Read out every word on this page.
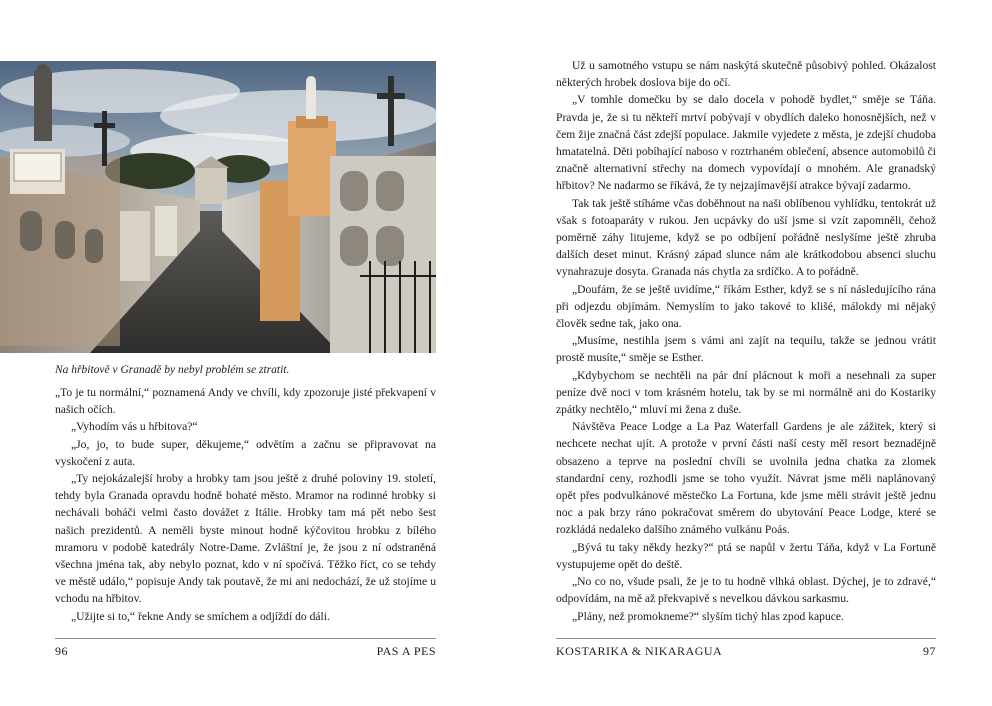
Na hřbitově v Granadě by nebyl problém se ztratit.

„To je tu normální,“ poznamená Andy ve chvíli, kdy zpozoruje jisté překvapení v našich očích.

„Vyhodím vás u hřbitova?“

„Jo, jo, to bude super, děkujeme,“ odvětím a začnu se připravovat na vyskočení z auta.

„Ty nejokázalejší hroby a hrobky tam jsou ještě z druhé poloviny 19. století, tehdy byla Granada opravdu hodně bohaté město. Mramor na rodinné hrobky si nechávali boháči velmi často dovážet z Itálie. Hrobky tam má pět nebo šest našich prezidentů. A neměli byste minout hodně kýčovitou hrobku z bílého mramoru v podobě katedrály Notre-Dame. Zvláštní je, že jsou z ní odstraněná všechna jména tak, aby nebylo poznat, kdo v ní spočívá. Těžko říct, co se tehdy ve městě událo,“ popisuje Andy tak poutavě, že mi ani nedochází, že už stojíme u vchodu na hřbitov.

„Užijte si to,“ řekne Andy se smíchem a odjíždí do dáli.

96	PAS A PES

Už u samotného vstupu se nám naskýtá skutečně působivý pohled. Okázalost některých hrobek doslova bije do očí.

„V tomhle domečku by se dalo docela v pohodě bydlet,“ směje se Táňa. Pravda je, že si tu někteří mrtví pobývají v obydlích daleko honosnějších, než v čem žije značná část zdejší populace. Jakmile vyjedete z města, je zdejší chudoba hmatatelná. Děti pobíhající naboso v roztrhaném oblečení, absence automobilů či značně alternativní střechy na domech vypovídají o mnohém. Ale granadský hřbitov? Ne nadarmo se říkává, že ty nejzajímavější atrakce bývají zadarmo.

Tak tak ještě stíháme včas doběhnout na naši oblíbenou vyhlídku, tentokrát už však s fotoaparáty v rukou. Jen ucpávky do uší jsme si vzít zapomněli, čehož poměrně záhy litujeme, když se po odbíjení pořádně neslyšíme ještě zhruba dalších deset minut. Krásný západ slunce nám ale krátkodobou absenci sluchu vynahrazuje dosyta. Granada nás chytla za srdíčko. A to pořádně.

„Doufám, že se ještě uvidíme,“ říkám Esther, když se s ní následujícího rána při odjezdu objímám. Nemyslím to jako takové to klišé, málokdy mi nějaký člověk sedne tak, jako ona.

„Musíme, nestihla jsem s vámi ani zajít na tequilu, takže se jednou vrátit prostě musíte,“ směje se Esther.

„Kdybychom se nechtěli na pár dní plácnout k moři a nesehnali za super peníze dvě noci v tom krásném hotelu, tak by se mi normálně ani do Kostariky zpátky nechtělo,“ mluví mi žena z duše.

Návštěva Peace Lodge a La Paz Waterfall Gardens je ale zážitek, který si nechcete nechat ujít. A protože v první části naší cesty měl resort beznadějně obsazeno a teprve na poslední chvíli se uvolnila jedna chatka za zlomek standardní ceny, rozhodli jsme se toho využít. Návrat jsme měli naplánovaný opět přes podvulkánové městečko La Fortuna, kde jsme měli strávit ještě jednu noc a pak brzy ráno pokračovat směrem do ubytování Peace Lodge, které se rozkládá nedaleko dalšího známého vulkánu Poás.

„Bývá tu taky někdy hezky?“ ptá se napůl v žertu Táňa, když v La Fortuně vystupujeme opět do deště.

„No co no, všude psali, že je to tu hodně vlhká oblast. Dýchej, je to zdravé,“ odpovídám, na mě až překvapivě s nevelkou dávkou sarkasmu.

„Plány, než promokneme?“ slyším tichý hlas zpod kapuce.

KOSTARIKA & NIKARAGUA	97
